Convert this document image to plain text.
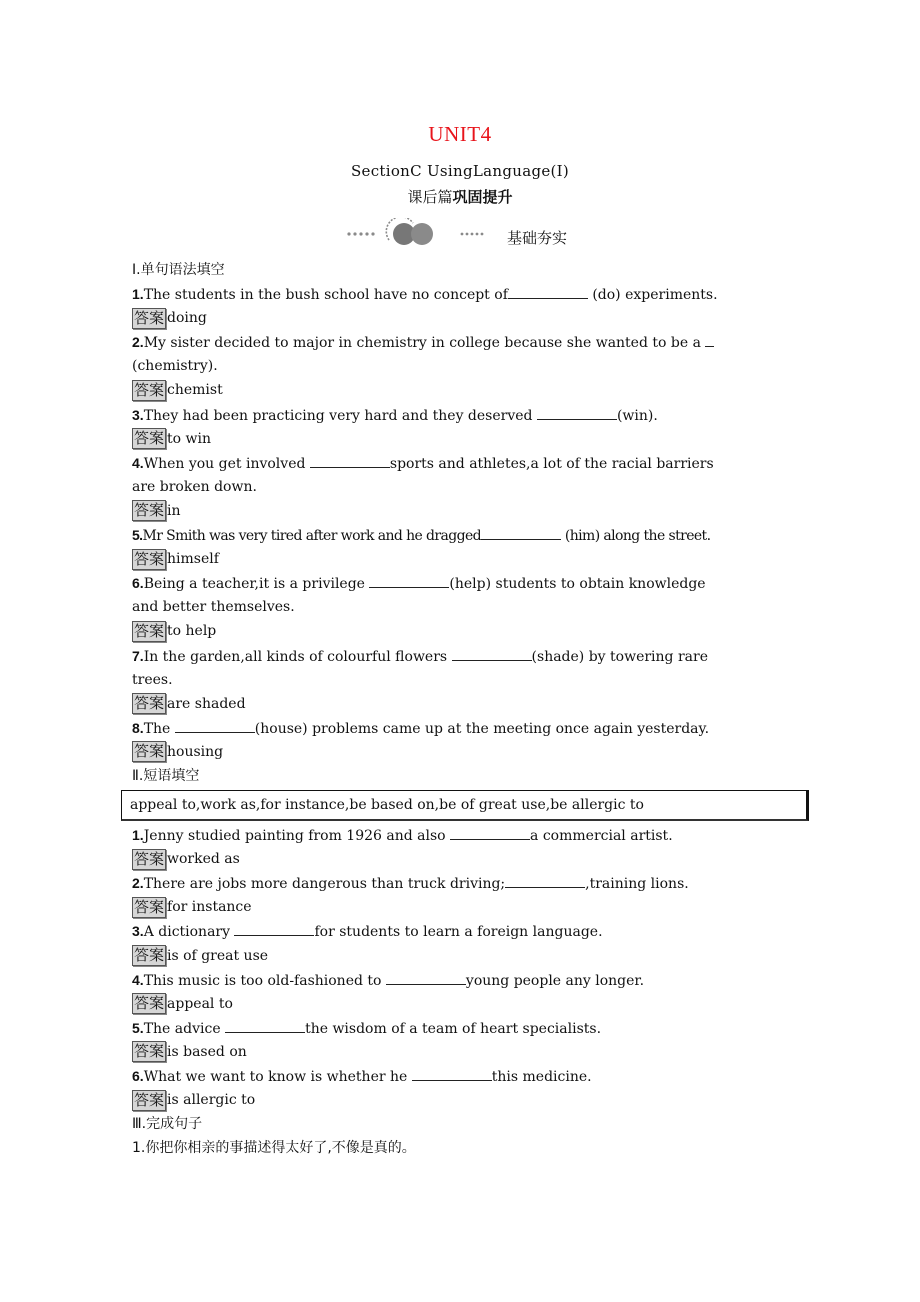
UNIT4
SectionC UsingLanguage(Ⅰ)
课后篇巩固提升
基础夯实
Ⅰ.单句语法填空
1.The students in the bush school have no concept of	(do) experiments.
答案 doing
2.My sister decided to major in chemistry in college because she wanted to be a
(chemistry).
答案 chemist
3.They had been practicing very hard and they deserved	(win).
答案 to win
4.When you get involved	sports and athletes,a lot of the racial barriers
are broken down.
答案 in
5.Mr Smith was very tired after work and he dragged	(him) along the street.
答案 himself
6.Being a teacher,it is a privilege	(help) students to obtain knowledge
and better themselves.
答案 to help
7.In the garden,all kinds of colourful flowers	(shade) by towering rare
trees.
答案 are shaded
8.The	(house) problems came up at the meeting once again yesterday.
答案 housing
Ⅱ.短语填空
appeal to,work as,for instance,be based on,be of great use,be allergic to
1.Jenny studied painting from 1926 and also	a commercial artist.
答案 worked as
2.There are jobs more dangerous than truck driving;	,training lions.
答案 for instance
3.A dictionary	for students to learn a foreign language.
答案 is of great use
4.This music is too old-fashioned to	young people any longer.
答案 appeal to
5.The advice	the wisdom of a team of heart specialists.
答案 is based on
6.What we want to know is whether he	this medicine.
答案 is allergic to
Ⅲ.完成句子
1.你把你相亲的事描述得太好了,不像是真的。
